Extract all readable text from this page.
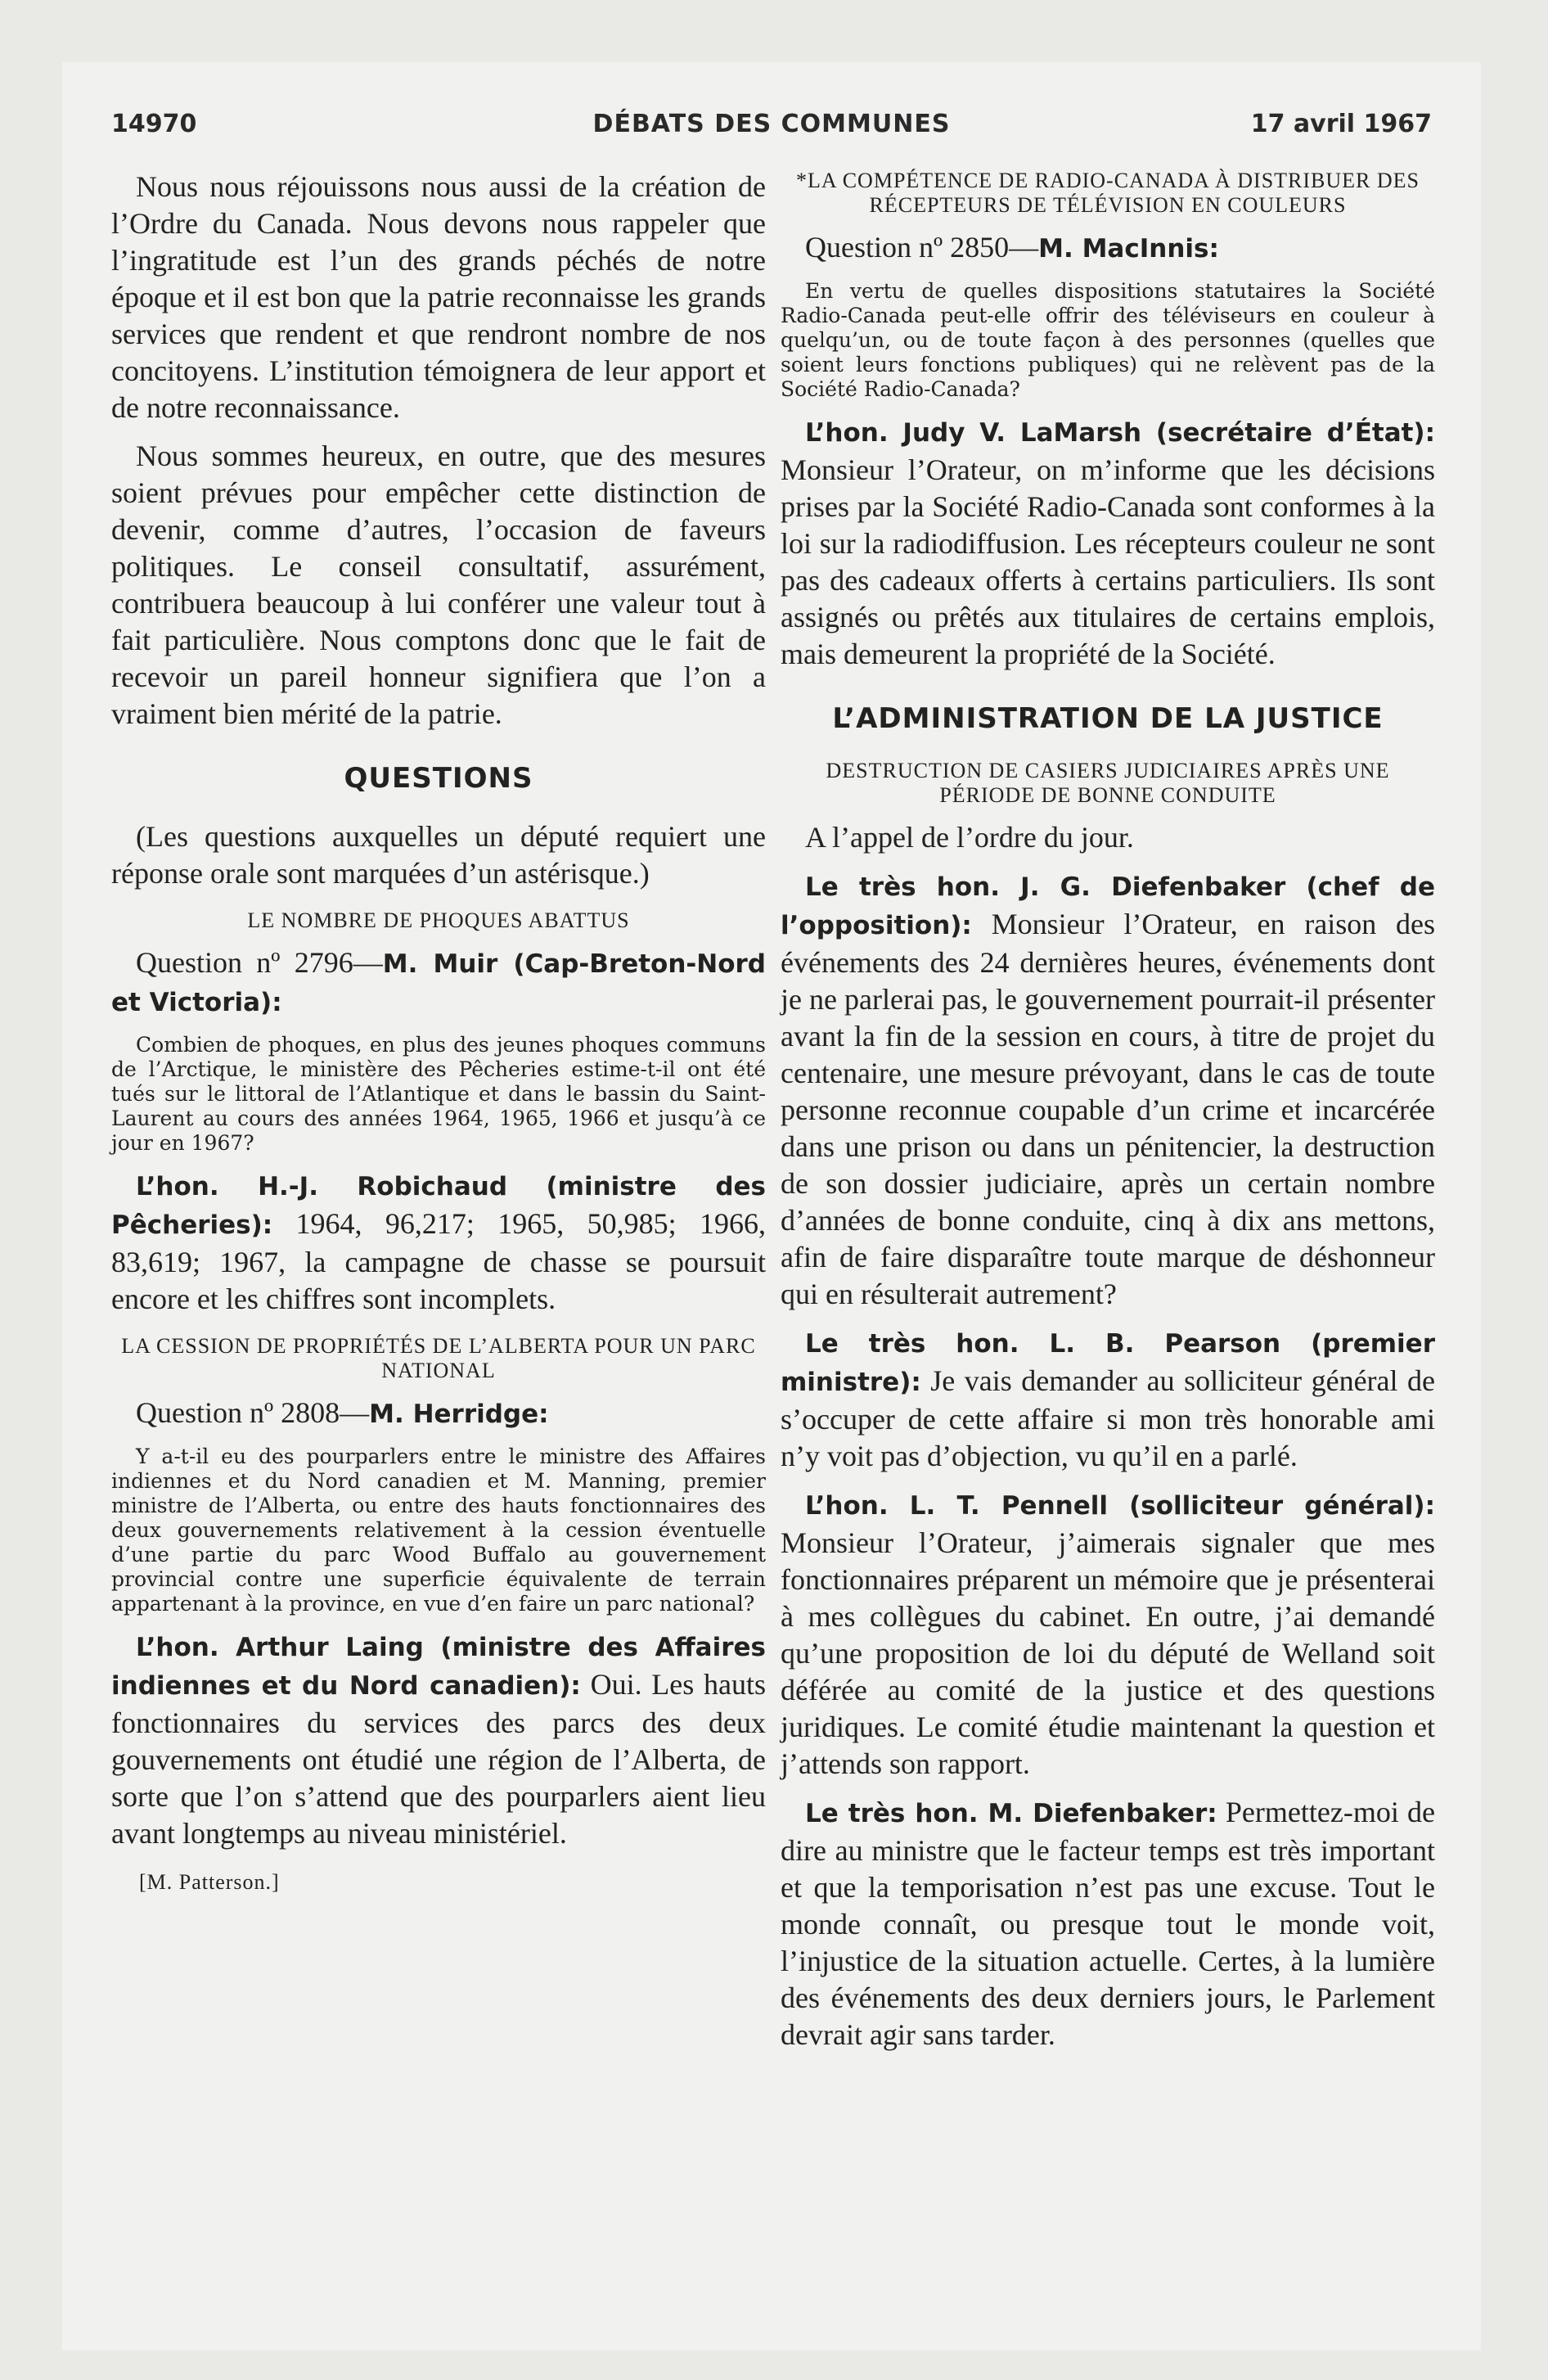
14970	DÉBATS DES COMMUNES	17 avril 1967

Nous nous réjouissons nous aussi de la création de l’Ordre du Canada. Nous devons nous rappeler que l’ingratitude est l’un des grands péchés de notre époque et il est bon que la patrie reconnaisse les grands services que rendent et que rendront nombre de nos concitoyens. L’institution témoignera de leur apport et de notre reconnaissance.

Nous sommes heureux, en outre, que des mesures soient prévues pour empêcher cette distinction de devenir, comme d’autres, l’occasion de faveurs politiques. Le conseil consultatif, assurément, contribuera beaucoup à lui conférer une valeur tout à fait particulière. Nous comptons donc que le fait de recevoir un pareil honneur signifiera que l’on a vraiment bien mérité de la patrie.

QUESTIONS

(Les questions auxquelles un député requiert une réponse orale sont marquées d’un astérisque.)

LE NOMBRE DE PHOQUES ABATTUS

Question nº 2796—M. Muir (Cap-Breton-Nord et Victoria):

Combien de phoques, en plus des jeunes phoques communs de l’Arctique, le ministère des Pêcheries estime-t-il ont été tués sur le littoral de l’Atlantique et dans le bassin du Saint-Laurent au cours des années 1964, 1965, 1966 et jusqu’à ce jour en 1967?

L’hon. H.-J. Robichaud (ministre des Pêcheries): 1964, 96,217; 1965, 50,985; 1966, 83,619; 1967, la campagne de chasse se poursuit encore et les chiffres sont incomplets.

LA CESSION DE PROPRIÉTÉS DE L’ALBERTA POUR UN PARC NATIONAL

Question nº 2808—M. Herridge:

Y a-t-il eu des pourparlers entre le ministre des Affaires indiennes et du Nord canadien et M. Manning, premier ministre de l’Alberta, ou entre des hauts fonctionnaires des deux gouvernements relativement à la cession éventuelle d’une partie du parc Wood Buffalo au gouvernement provincial contre une superficie équivalente de terrain appartenant à la province, en vue d’en faire un parc national?

L’hon. Arthur Laing (ministre des Affaires indiennes et du Nord canadien): Oui. Les hauts fonctionnaires du services des parcs des deux gouvernements ont étudié une région de l’Alberta, de sorte que l’on s’attend que des pourparlers aient lieu avant longtemps au niveau ministériel.

[M. Patterson.]
*LA COMPÉTENCE DE RADIO-CANADA À DISTRIBUER DES RÉCEPTEURS DE TÉLÉVISION EN COULEURS

Question nº 2850—M. MacInnis:

En vertu de quelles dispositions statutaires la Société Radio-Canada peut-elle offrir des téléviseurs en couleur à quelqu’un, ou de toute façon à des personnes (quelles que soient leurs fonctions publiques) qui ne relèvent pas de la Société Radio-Canada?

L’hon. Judy V. LaMarsh (secrétaire d’État): Monsieur l’Orateur, on m’informe que les décisions prises par la Société Radio-Canada sont conformes à la loi sur la radiodiffusion. Les récepteurs couleur ne sont pas des cadeaux offerts à certains particuliers. Ils sont assignés ou prêtés aux titulaires de certains emplois, mais demeurent la propriété de la Société.

L’ADMINISTRATION DE LA JUSTICE
DESTRUCTION DE CASIERS JUDICIAIRES APRÈS UNE PÉRIODE DE BONNE CONDUITE

A l’appel de l’ordre du jour.

Le très hon. J. G. Diefenbaker (chef de l’opposition): Monsieur l’Orateur, en raison des événements des 24 dernières heures, événements dont je ne parlerai pas, le gouvernement pourrait-il présenter avant la fin de la session en cours, à titre de projet du centenaire, une mesure prévoyant, dans le cas de toute personne reconnue coupable d’un crime et incarcérée dans une prison ou dans un pénitencier, la destruction de son dossier judiciaire, après un certain nombre d’années de bonne conduite, cinq à dix ans mettons, afin de faire disparaître toute marque de déshonneur qui en résulterait autrement?

Le très hon. L. B. Pearson (premier ministre): Je vais demander au solliciteur général de s’occuper de cette affaire si mon très honorable ami n’y voit pas d’objection, vu qu’il en a parlé.

L’hon. L. T. Pennell (solliciteur général): Monsieur l’Orateur, j’aimerais signaler que mes fonctionnaires préparent un mémoire que je présenterai à mes collègues du cabinet. En outre, j’ai demandé qu’une proposition de loi du député de Welland soit déférée au comité de la justice et des questions juridiques. Le comité étudie maintenant la question et j’attends son rapport.

Le très hon. M. Diefenbaker: Permettez-moi de dire au ministre que le facteur temps est très important et que la temporisation n’est pas une excuse. Tout le monde connaît, ou presque tout le monde voit, l’injustice de la situation actuelle. Certes, à la lumière des événements des deux derniers jours, le Parlement devrait agir sans tarder.
